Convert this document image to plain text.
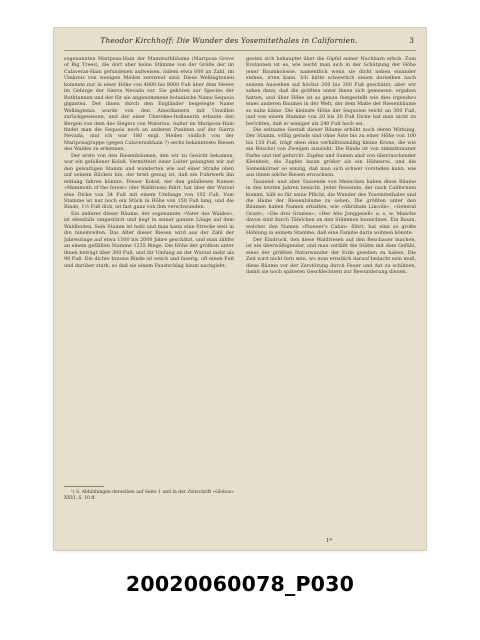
Theodor Kirchhoff: Die Wunder des Yosemitethales in Californien.	3

sogenannten Mariposa-Hain der Mammuthbäume (Mariposa Grove of Big Trees), die dort aber keine Stämme von der Größe der im Calaveras-Hain gefundenen aufweisen, indem etwa 600 an Zahl, im Umkreis von wenigen Meilen zerstreut sind. Diese Wellingtonien kommen nur in einer Höhe von 4800 bis 8000 Fuß über dem Meere im Gebirge der Sierra Nevada vor. Sie gehören zur Species der Rothtannen und der für sie angenommene botanische Name Sequoia gigantea. Der ihnen durch den Engländer beigelegte Name Wellingtonia wurde von den Amerikanern mit Unwillen zurückgewiesen, und der einer Cherokee-Indianerin erbaute den Bergen von dem des Siegers von Waterloo. Außer im Mariposa-Hain findet man die Sequoia noch an anderen Punkten auf der Sierra Nevada, und ich war 180 engl. Meilen südlich von der Mariposagruppe (gegen Calaveraskhain ?) sechs bekannteste Riesen des Waldes zu erkennen.

Der erste von den Riesenbäumen, den wir zu Gesicht bekamen, war ein gefallener Koloß. Vermittelst einer Leiter gelangten wir auf den gewaltigen Stamm und wanderten wie auf einer Straße oben auf seinem Rücken hin, der breit genug ist, daß ein Fuhrwerk ihn entlang fahren könnte. Dieser Koloß, der den gefallenen Namen »Mammoth of the forest« (der Waldriese) führt, hat über der Wurzel eine Dicke von 34 Fuß mit einem Umfange von 102 Fuß. Vom Stamme ist nur noch ein Stück in Höhe von 150 Fuß lang, und die Rinde, 1½ Fuß dick, ist fast ganz von ihm verschwunden.

Ein anderer dieser Bäume, der sogenannte »Vater des Waldes«, ist ebenfalls umgestürzt und liegt in seiner ganzen Länge auf dem Waldboden. Sein Stamm ist hohl und man kann eine Strecke weit in ihn hineinreiten. Das Alter dieser Riesen wird aus der Zahl der Jahresringe auf etwa 1500 bis 2000 Jahre geschätzt, und man zählte an einem gefällten Stamme 1255 Ringe. Die Höhe der größten unter ihnen beträgt über 300 Fuß, und ihr Umfang an der Wurzel mehr als 90 Fuß. Die dichte braune Rinde ist weich und faserig, oft einen Fuß und darüber stark, so daß sie einem Faustschlag kaum nachgiebt.

¹) S. Abbildungen derselben auf Seite 1 und in der Zeitschrift »Globus« XXVI, S. 10 ff.

gesten sich behauptet über die Gipfel seiner Nachbarn erhob. Zum Erstaunen ist es, wie leicht man sich in der Schätzung der Höhe jener Baumkolosse, namentlich wenn sie dicht neben einander stehen, irren kann. Ich hätte schwerlich einem derselben nach seinem Aussehen auf höchst 200 bis 300 Fuß geschätzt; aber wir sahen dann, daß die größten unter ihnen sich gemessen, ergaben hatten, und über Höhe ist so genau festgestellt wie dies irgendwo eines anderen Baumes in der Welt, der dem Maße der Riesenbäume so nahe käme. Die kleinste Höhe der Sequoien reicht an 300 Fuß, und von einem Stamme von 20 bis 30 Fuß Dicke hat man nicht zu berichten, daß er weniger als 240 Fuß hoch sei.

Die seltsame Gestalt dieser Bäume erhöht noch deren Wirkung. Der Stamm, völlig gerade und ohne Äste bis zu einer Höhe von 100 bis 150 Fuß, trägt oben eine verhältnismäßig kleine Krone, die wie ein Büschel von Zweigen aussieht. Die Rinde ist von zimmtbrauner Farbe und tief gefurcht. Zapfen und Samen sind von überraschender Kleinheit; die Zapfen kaum größer als ein Hühnerei, und die Samenkörner so winzig, daß man sich schwer vorstellen kann, wie aus ihnen solche Riesen erwachsen.

Tausend- und aber Tausende von Menschen haben diese Bäume in den letzten Jahren besucht. Jeder Reisende, der nach Californien kommt, hält es für seine Pflicht, die Wunder des Yosemitethales und die Haine der Riesenbäume zu sehen. Die größten unter den Bäumen haben Namen erhalten, wie »Abraham Lincoln«, »General Grant«, »Die drei Grazien«, »Der Alte Junggesell« u. s. w. Manche davon sind durch Täfelchen an den Stämmen bezeichnet. Ein Baum, welcher den Namen »Pioneer's Cabin« führt, hat eine so große Höhlung in seinem Stamme, daß eine Familie darin wohnen könnte.

Der Eindruck, den diese Waldriesen auf den Beschauer machen, ist ein überwältigender, und man verläßt die Stätte mit dem Gefühl, eines der größten Naturwunder der Erde gesehen zu haben. Die Zeit wird nicht fern sein, wo man ernstlich darauf bedacht sein muß, diese Bäume vor der Zerstörung durch Feuer und Axt zu schützen, damit sie noch späteren Geschlechtern zur Bewunderung dienen.

1*
20020060078_P030
